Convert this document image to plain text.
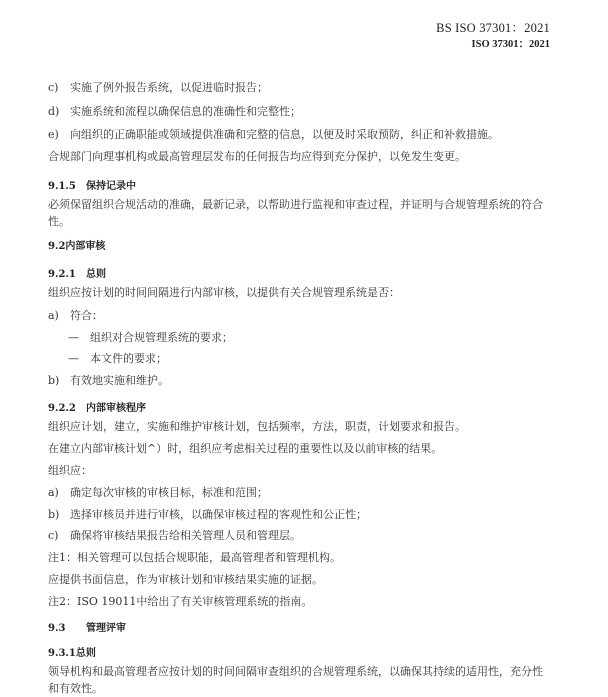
BS ISO 37301：2021
ISO 37301：2021
c) 实施了例外报告系统，以促进临时报告；
d) 实施系统和流程以确保信息的准确性和完整性；
e) 向组织的正确职能或领域提供准确和完整的信息，以便及时采取预防，纠正和补救措施。
合规部门向理事机构或最高管理层发布的任何报告均应得到充分保护，以免发生变更。
9.1.5 保持记录中
必须保留组织合规活动的准确，最新记录，以帮助进行监视和审查过程，并证明与合规管理系统的符合性。
9.2内部审核
9.2.1 总则
组织应按计划的时间间隔进行内部审核，以提供有关合规管理系统是否：
a) 符合：
— 组织对合规管理系统的要求；
— 本文件的要求；
b) 有效地实施和维护。
9.2.2 内部审核程序
组织应计划，建立，实施和维护审核计划，包括频率，方法，职责，计划要求和报告。
在建立内部审核计划^）时，组织应考虑相关过程的重要性以及以前审核的结果。
组织应：
a) 确定每次审核的审核目标，标准和范围；
b) 选择审核员并进行审核，以确保审核过程的客观性和公正性；
c) 确保将审核结果报告给相关管理人员和管理层。
注1：相关管理可以包括合规职能，最高管理者和管理机构。
应提供书面信息，作为审核计划和审核结果实施的证据。
注2：ISO 19011中给出了有关审核管理系统的指南。
9.3 管理评审
9.3.1总则
领导机构和最高管理者应按计划的时间间隔审查组织的合规管理系统，以确保其持续的适用性，充分性和有效性。
